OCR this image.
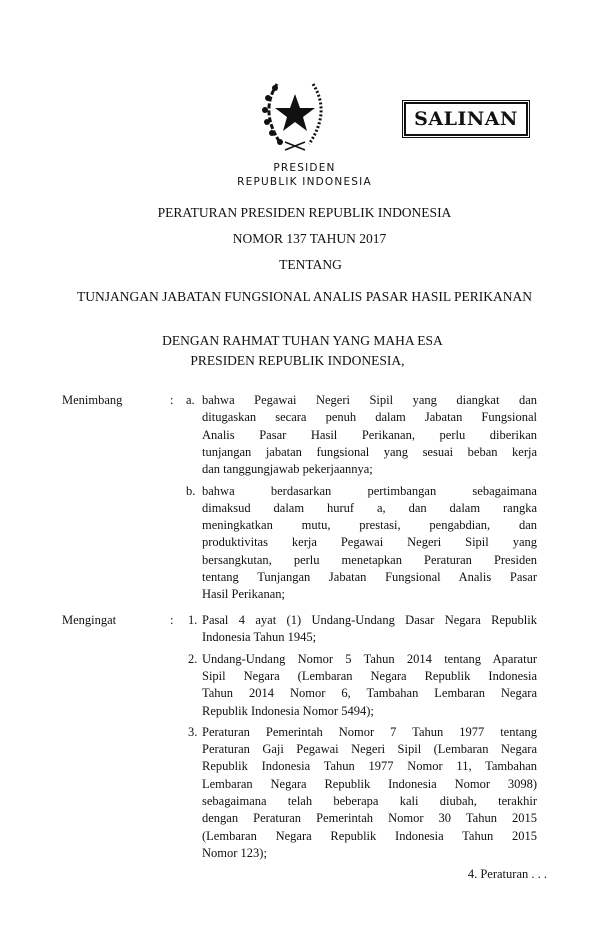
SALINAN
PRESIDEN
REPUBLIK INDONESIA
PERATURAN PRESIDEN REPUBLIK INDONESIA
NOMOR 137 TAHUN 2017
TENTANG
TUNJANGAN JABATAN FUNGSIONAL ANALIS PASAR HASIL PERIKANAN
DENGAN RAHMAT TUHAN YANG MAHA ESA
PRESIDEN REPUBLIK INDONESIA,
Menimbang	: a. bahwa Pegawai Negeri Sipil yang diangkat dan
ditugaskan secara penuh dalam Jabatan Fungsional
Analis Pasar Hasil Perikanan, perlu diberikan
tunjangan jabatan fungsional yang sesuai beban kerja
dan tanggungjawab pekerjaannya;
b. bahwa berdasarkan pertimbangan sebagaimana
dimaksud dalam huruf a, dan dalam rangka
meningkatkan mutu, prestasi, pengabdian, dan
produktivitas kerja Pegawai Negeri Sipil yang
bersangkutan, perlu menetapkan Peraturan Presiden
tentang Tunjangan Jabatan Fungsional Analis Pasar
Hasil Perikanan;
Mengingat	: 1. Pasal 4 ayat (1) Undang-Undang Dasar Negara Republik
Indonesia Tahun 1945;
2. Undang-Undang Nomor 5 Tahun 2014 tentang Aparatur
Sipil Negara (Lembaran Negara Republik Indonesia
Tahun 2014 Nomor 6, Tambahan Lembaran Negara
Republik Indonesia Nomor 5494);
3. Peraturan Pemerintah Nomor 7 Tahun 1977 tentang
Peraturan Gaji Pegawai Negeri Sipil (Lembaran Negara
Republik Indonesia Tahun 1977 Nomor 11, Tambahan
Lembaran Negara Republik Indonesia Nomor 3098)
sebagaimana telah beberapa kali diubah, terakhir
dengan Peraturan Pemerintah Nomor 30 Tahun 2015
(Lembaran Negara Republik Indonesia Tahun 2015
Nomor 123);
4. Peraturan . . .
